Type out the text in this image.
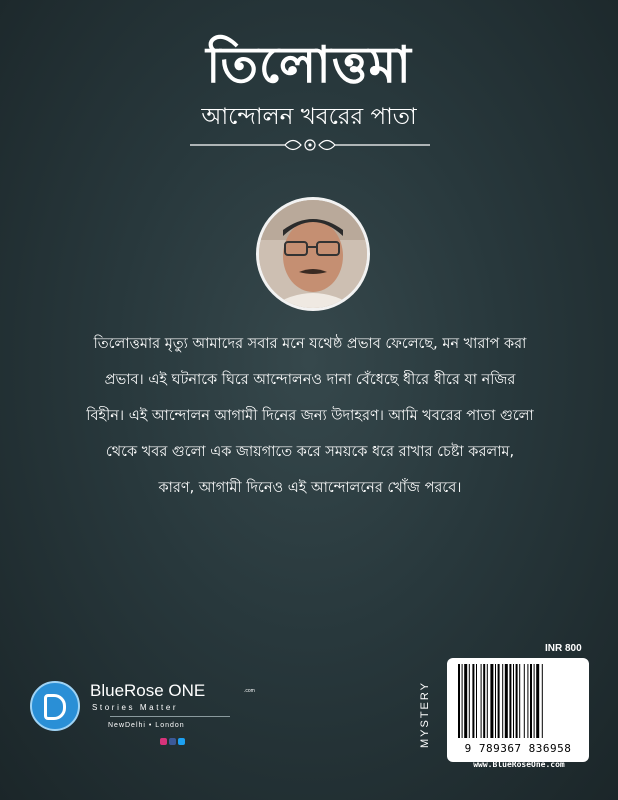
তিলোত্তমা
আন্দোলন খবরের পাতা

তিলোত্তমার মৃত্যু আমাদের সবার মনে যথেষ্ঠ প্রভাব ফেলেছে, মন খারাপ করা

প্রভাব। এই ঘটনাকে ঘিরে আন্দোলনও দানা বেঁধেছে ধীরে ধীরে যা নজির

বিহীন। এই আন্দোলন আগামী দিনের জন্য উদাহরণ। আমি খবরের পাতা গুলো

থেকে খবর গুলো এক জায়গাতে করে সময়কে ধরে রাখার চেষ্টা করলাম,

কারণ, আগামী দিনেও এই আন্দোলনের খোঁজ পরবে।

BlueRose ONE	.com
Stories Matter
NewDelhi • London
INR 800
MYSTERY	9 789367 836958
www.BlueRoseOne.com
